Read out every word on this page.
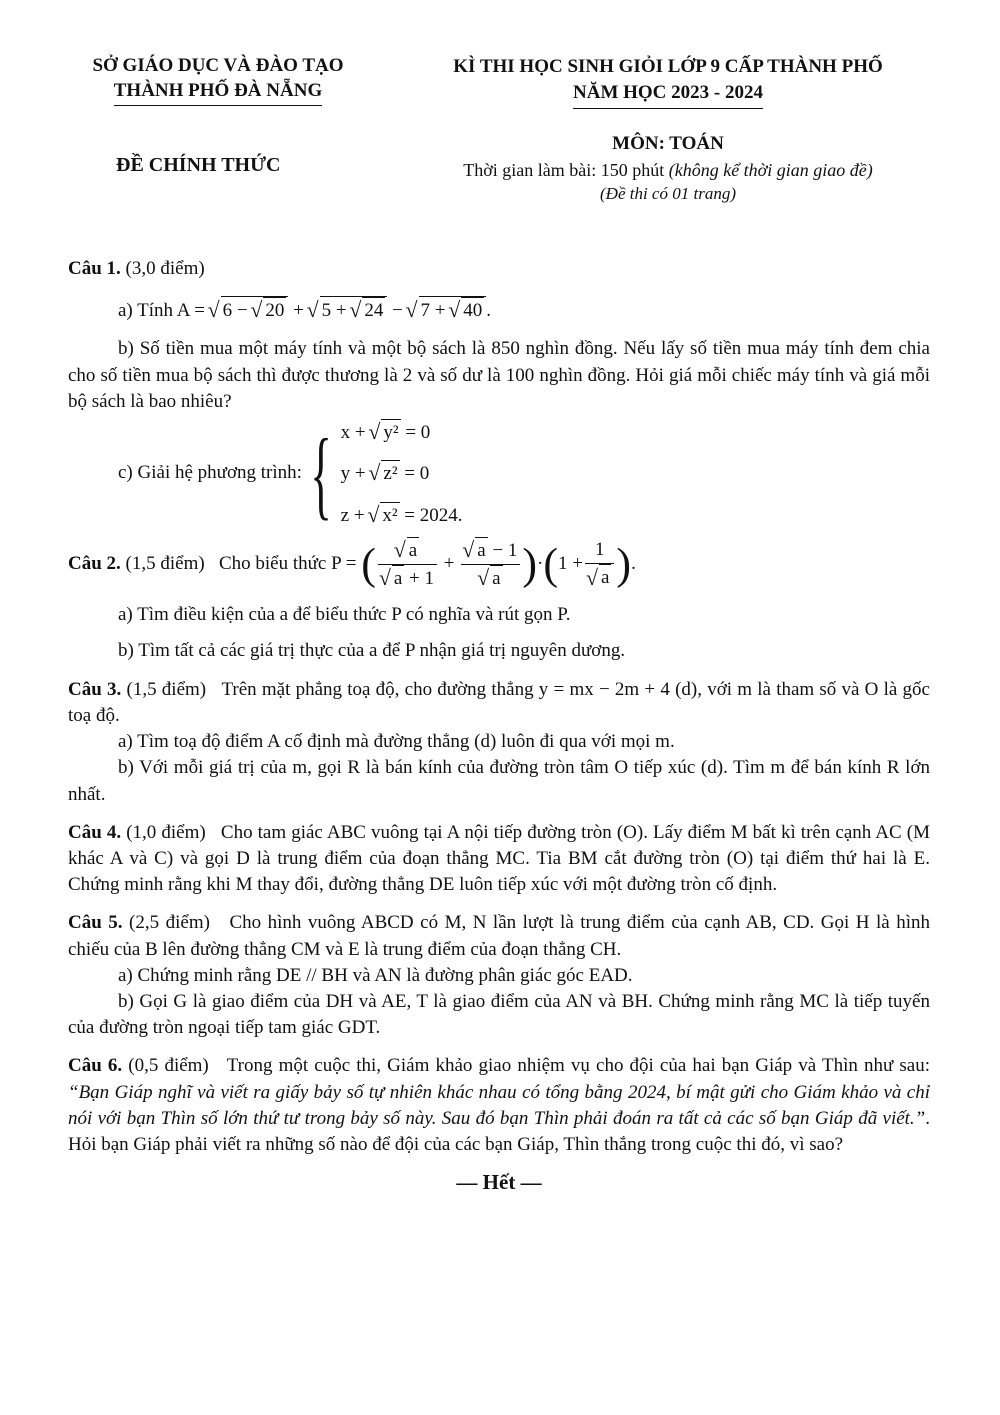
SỞ GIÁO DỤC VÀ ĐÀO TẠO
THÀNH PHỐ ĐÀ NẴNG
ĐỀ CHÍNH THỨC
KÌ THI HỌC SINH GIỎI LỚP 9 CẤP THÀNH PHỐ
NĂM HỌC 2023 - 2024
MÔN: TOÁN
Thời gian làm bài: 150 phút (không kể thời gian giao đề)
(Đề thi có 01 trang)

Câu 1. (3,0 điểm)

a) Tính A = √ 6 − √ 20 + √ 5 + √ 24 − √ 7 + √ 40 .

b) Số tiền mua một máy tính và một bộ sách là 850 nghìn đồng. Nếu lấy số tiền mua máy tính đem chia cho số tiền mua bộ sách thì được thương là 2 và số dư là 100 nghìn đồng. Hỏi giá mỗi chiếc máy tính và giá mỗi bộ sách là bao nhiêu?

c) Giải hệ phương trình: { x + √ y² = 0
y + √ z² = 0
z + √ x² = 2024.

Câu 2. (1,5 điểm) Cho biểu thức P = ( √ a
√ a + 1 + √ a − 1
√ a )·(1 + 1
√ a ).

a) Tìm điều kiện của a để biểu thức P có nghĩa và rút gọn P.

b) Tìm tất cả các giá trị thực của a để P nhận giá trị nguyên dương.

Câu 3. (1,5 điểm) Trên mặt phẳng toạ độ, cho đường thẳng y = mx − 2m + 4 (d), với m là tham số và O là gốc toạ độ.

a) Tìm toạ độ điểm A cố định mà đường thẳng (d) luôn đi qua với mọi m.

b) Với mỗi giá trị của m, gọi R là bán kính của đường tròn tâm O tiếp xúc (d). Tìm m để bán kính R lớn nhất.

Câu 4. (1,0 điểm) Cho tam giác ABC vuông tại A nội tiếp đường tròn (O). Lấy điểm M bất kì trên cạnh AC (M khác A và C) và gọi D là trung điểm của đoạn thẳng MC. Tia BM cắt đường tròn (O) tại điểm thứ hai là E. Chứng minh rằng khi M thay đổi, đường thẳng DE luôn tiếp xúc với một đường tròn cố định.

Câu 5. (2,5 điểm) Cho hình vuông ABCD có M, N lần lượt là trung điểm của cạnh AB, CD. Gọi H là hình chiếu của B lên đường thẳng CM và E là trung điểm của đoạn thẳng CH.

a) Chứng minh rằng DE // BH và AN là đường phân giác góc EAD.

b) Gọi G là giao điểm của DH và AE, T là giao điểm của AN và BH. Chứng minh rằng MC là tiếp tuyến của đường tròn ngoại tiếp tam giác GDT.

Câu 6. (0,5 điểm) Trong một cuộc thi, Giám khảo giao nhiệm vụ cho đội của hai bạn Giáp và Thìn như sau: “Bạn Giáp nghĩ và viết ra giấy bảy số tự nhiên khác nhau có tổng bằng 2024, bí mật gửi cho Giám khảo và chỉ nói với bạn Thìn số lớn thứ tư trong bảy số này. Sau đó bạn Thìn phải đoán ra tất cả các số bạn Giáp đã viết.”. Hỏi bạn Giáp phải viết ra những số nào để đội của các bạn Giáp, Thìn thắng trong cuộc thi đó, vì sao?

— Hết —
